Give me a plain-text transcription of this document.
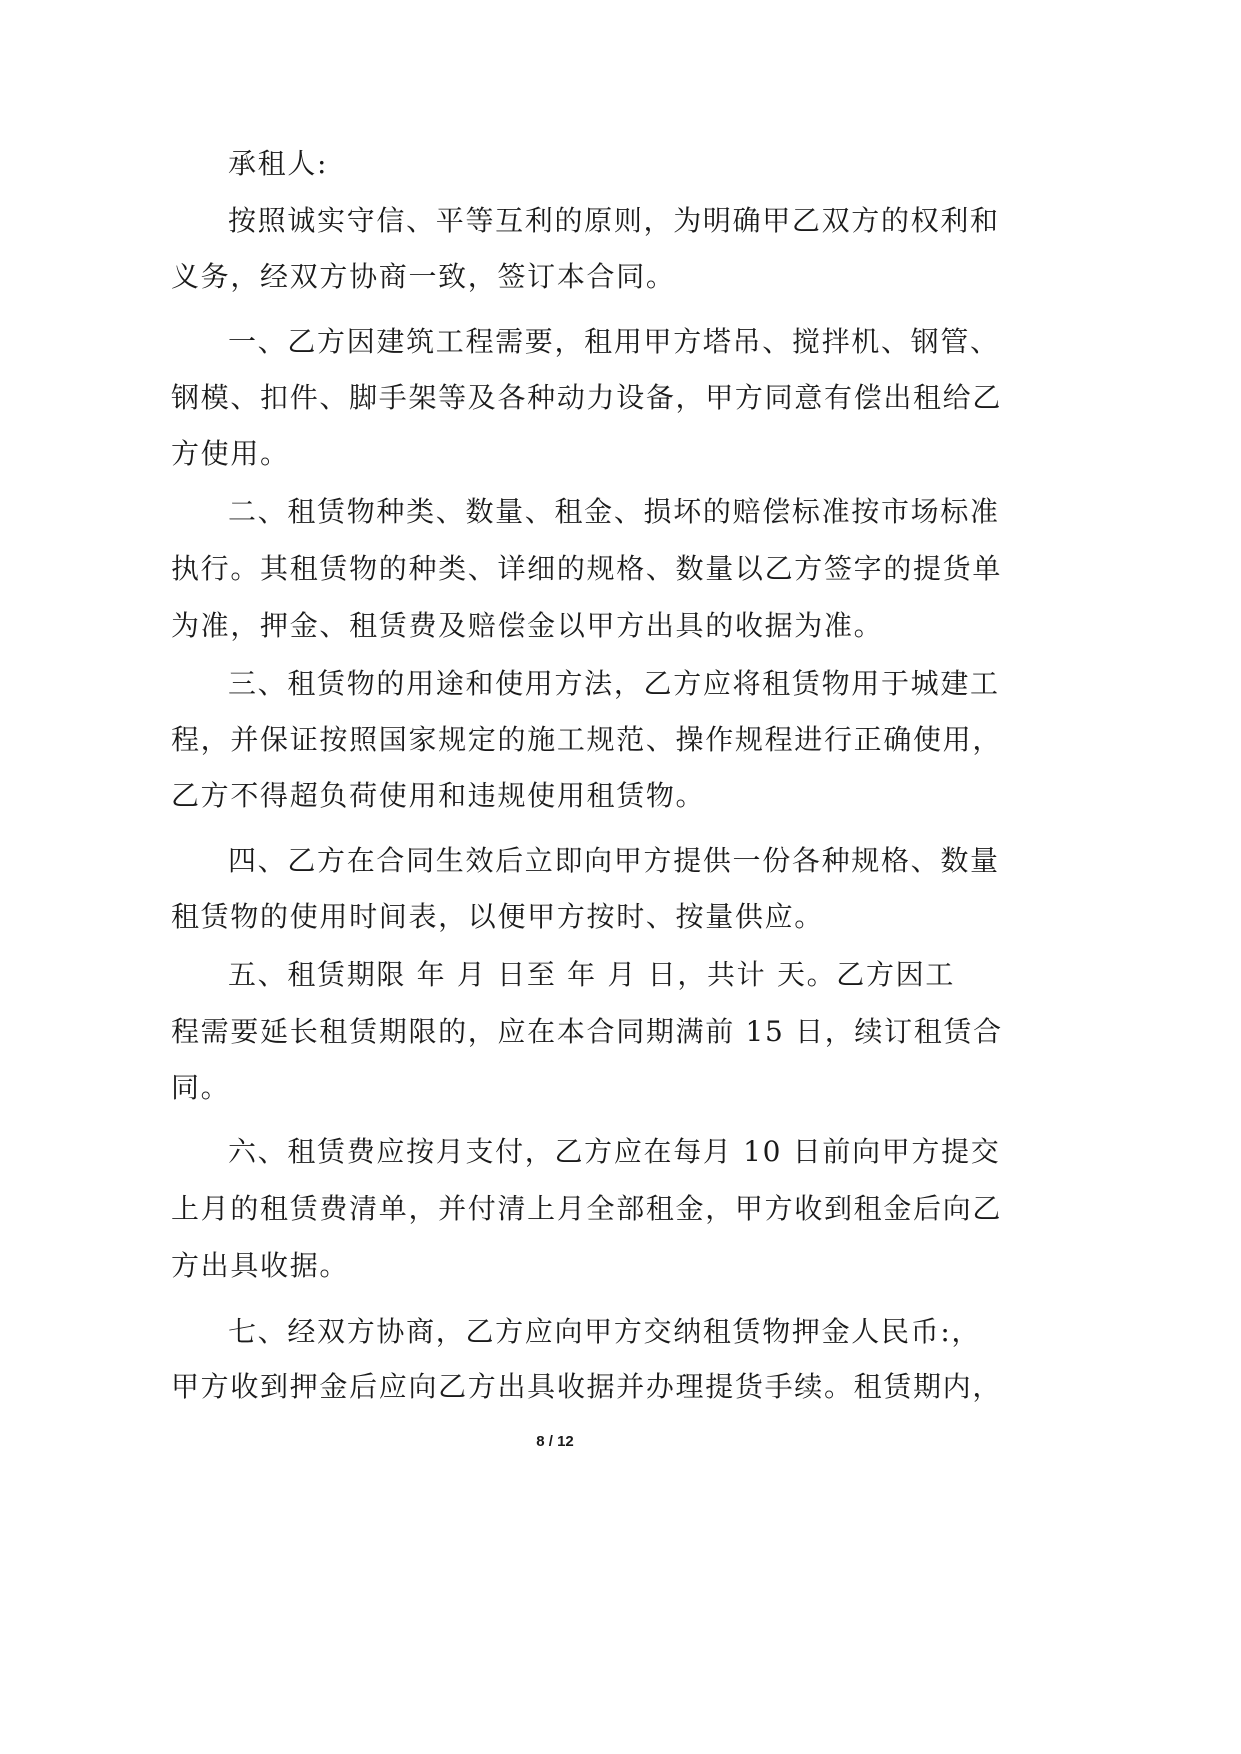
承租人:
按照诚实守信、平等互利的原则，为明确甲乙双方的权利和
义务，经双方协商一致，签订本合同。
一、乙方因建筑工程需要，租用甲方塔吊、搅拌机、钢管、
钢模、扣件、脚手架等及各种动力设备，甲方同意有偿出租给乙
方使用。
二、租赁物种类、数量、租金、损坏的赔偿标准按市场标准
执行。其租赁物的种类、详细的规格、数量以乙方签字的提货单
为准，押金、租赁费及赔偿金以甲方出具的收据为准。
三、租赁物的用途和使用方法，乙方应将租赁物用于城建工
程，并保证按照国家规定的施工规范、操作规程进行正确使用，
乙方不得超负荷使用和违规使用租赁物。
四、乙方在合同生效后立即向甲方提供一份各种规格、数量
租赁物的使用时间表，以便甲方按时、按量供应。
五、租赁期限 年 月 日至 年 月 日，共计 天。乙方因工
程需要延长租赁期限的，应在本合同期满前 15 日，续订租赁合
同。
六、租赁费应按月支付，乙方应在每月 10 日前向甲方提交
上月的租赁费清单，并付清上月全部租金，甲方收到租金后向乙
方出具收据。
七、经双方协商，乙方应向甲方交纳租赁物押金人民币:，
甲方收到押金后应向乙方出具收据并办理提货手续。租赁期内，
8 / 12
